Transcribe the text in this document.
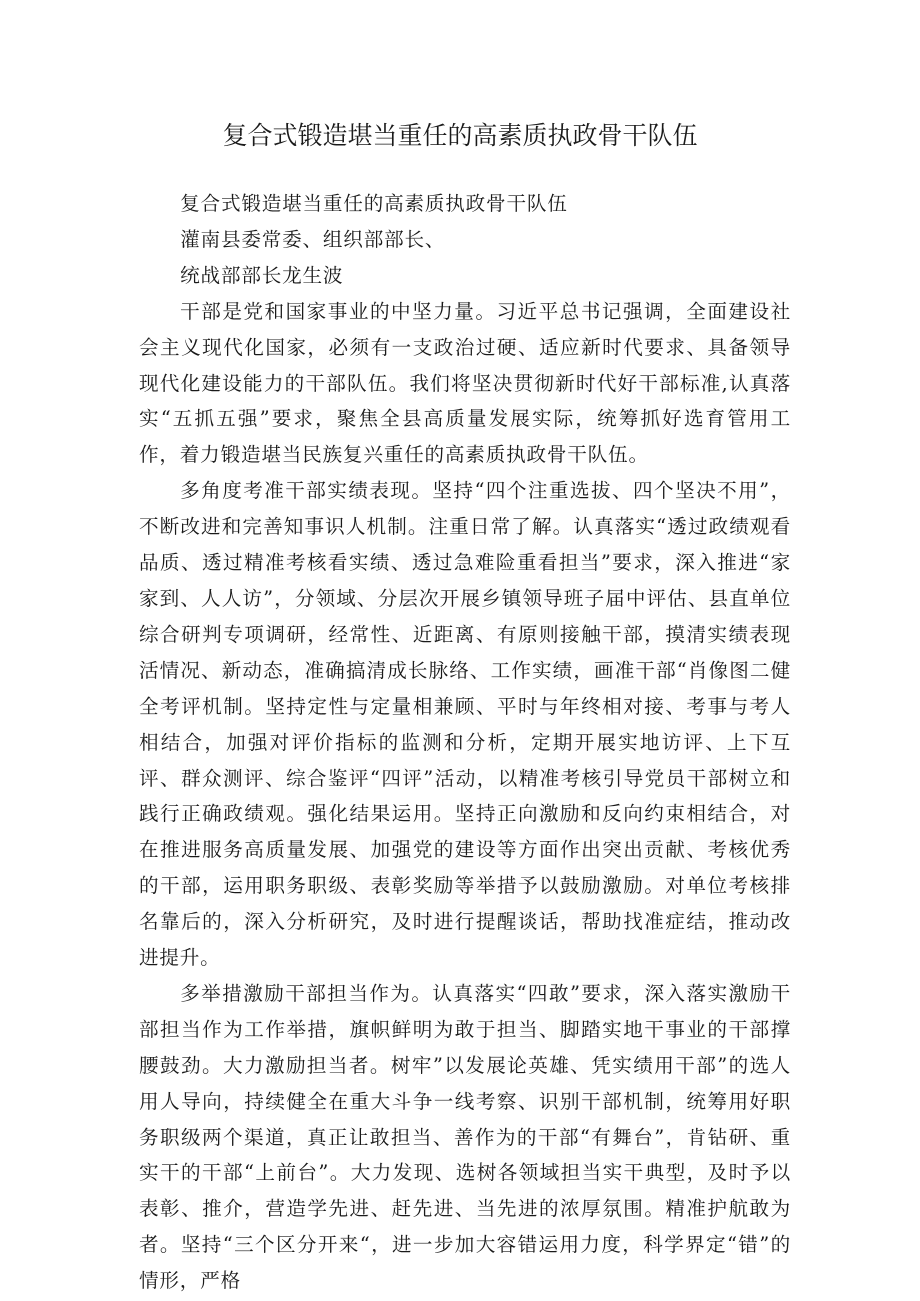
复合式锻造堪当重任的高素质执政骨干队伍

复合式锻造堪当重任的高素质执政骨干队伍

灌南县委常委、组织部部长、

统战部部长龙生波

干部是党和国家事业的中坚力量。习近平总书记强调，全面建设社会主义现代化国家，必须有一支政治过硬、适应新时代要求、具备领导现代化建设能力的干部队伍。我们将坚决贯彻新时代好干部标准,认真落实“五抓五强”要求，聚焦全县高质量发展实际，统筹抓好选育管用工作，着力锻造堪当民族复兴重任的高素质执政骨干队伍。

多角度考准干部实绩表现。坚持“四个注重选拔、四个坚决不用”，不断改进和完善知事识人机制。注重日常了解。认真落实“透过政绩观看品质、透过精准考核看实绩、透过急难险重看担当”要求，深入推进“家家到、人人访”，分领域、分层次开展乡镇领导班子届中评估、县直单位综合研判专项调研，经常性、近距离、有原则接触干部，摸清实绩表现活情况、新动态，准确搞清成长脉络、工作实绩，画准干部“肖像图二健全考评机制。坚持定性与定量相兼顾、平时与年终相对接、考事与考人相结合，加强对评价指标的监测和分析，定期开展实地访评、上下互评、群众测评、综合鉴评“四评”活动，以精准考核引导党员干部树立和践行正确政绩观。强化结果运用。坚持正向激励和反向约束相结合，对在推进服务高质量发展、加强党的建设等方面作出突出贡献、考核优秀的干部，运用职务职级、表彰奖励等举措予以鼓励激励。对单位考核排名靠后的，深入分析研究，及时进行提醒谈话，帮助找准症结，推动改进提升。

多举措激励干部担当作为。认真落实“四敢”要求，深入落实激励干部担当作为工作举措，旗帜鲜明为敢于担当、脚踏实地干事业的干部撑腰鼓劲。大力激励担当者。树牢”以发展论英雄、凭实绩用干部”的选人用人导向，持续健全在重大斗争一线考察、识别干部机制，统筹用好职务职级两个渠道，真正让敢担当、善作为的干部“有舞台”，肯钻研、重实干的干部“上前台”。大力发现、选树各领域担当实干典型，及时予以表彰、推介，营造学先进、赶先进、当先进的浓厚氛围。精准护航敢为者。坚持“三个区分开来“，进一步加大容错运用力度，科学界定“错”的情形，严格
